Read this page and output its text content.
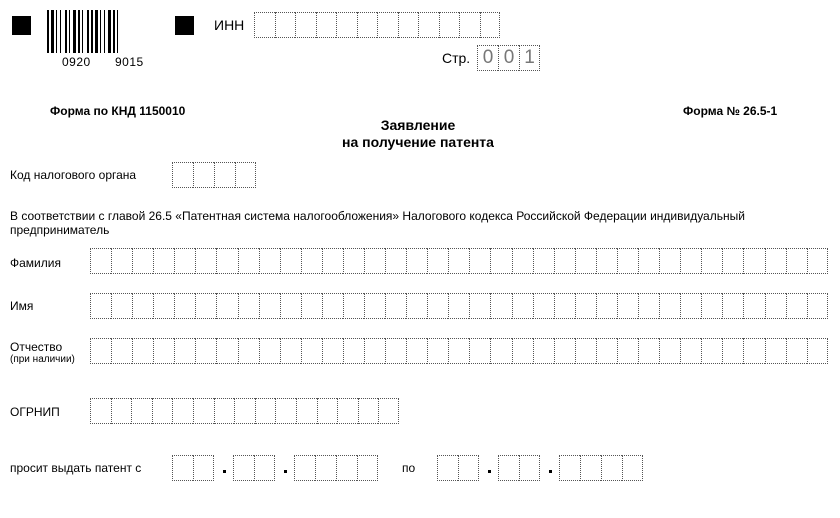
0920 9015
ИНН
Стр. 0 0 1
Форма по КНД 1150010	Форма № 26.5-1
Заявление
на получение патента
Код налогового органа
В соответствии с главой 26.5 «Патентная система налогообложения» Налогового кодекса Российской Федерации индивидуальный
предприниматель
Фамилия
Имя
Отчество
(при наличии)
ОГРНИП
просит выдать патент с	по
